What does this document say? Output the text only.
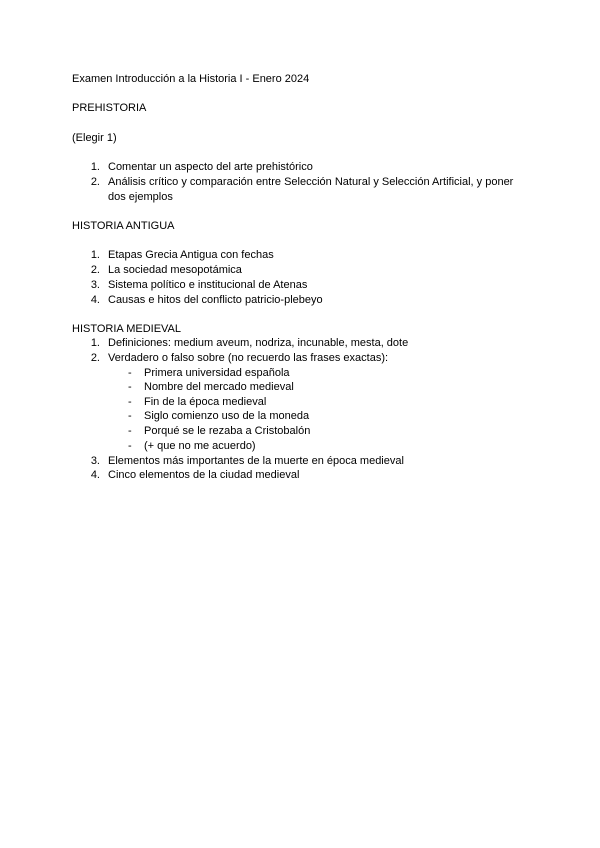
Examen Introducción a la Historia I - Enero 2024
PREHISTORIA
(Elegir 1)
1. Comentar un aspecto del arte prehistórico
2. Análisis crítico y comparación entre Selección Natural y Selección Artificial, y poner
dos ejemplos
HISTORIA ANTIGUA
1. Etapas Grecia Antigua con fechas
2. La sociedad mesopotámica
3. Sistema político e institucional de Atenas
4. Causas e hitos del conflicto patricio-plebeyo
HISTORIA MEDIEVAL
1. Definiciones: medium aveum, nodriza, incunable, mesta, dote
2. Verdadero o falso sobre (no recuerdo las frases exactas):
- Primera universidad española
- Nombre del mercado medieval
- Fin de la época medieval
- Siglo comienzo uso de la moneda
- Porqué se le rezaba a Cristobalón
- (+ que no me acuerdo)
3. Elementos más importantes de la muerte en época medieval
4. Cinco elementos de la ciudad medieval
